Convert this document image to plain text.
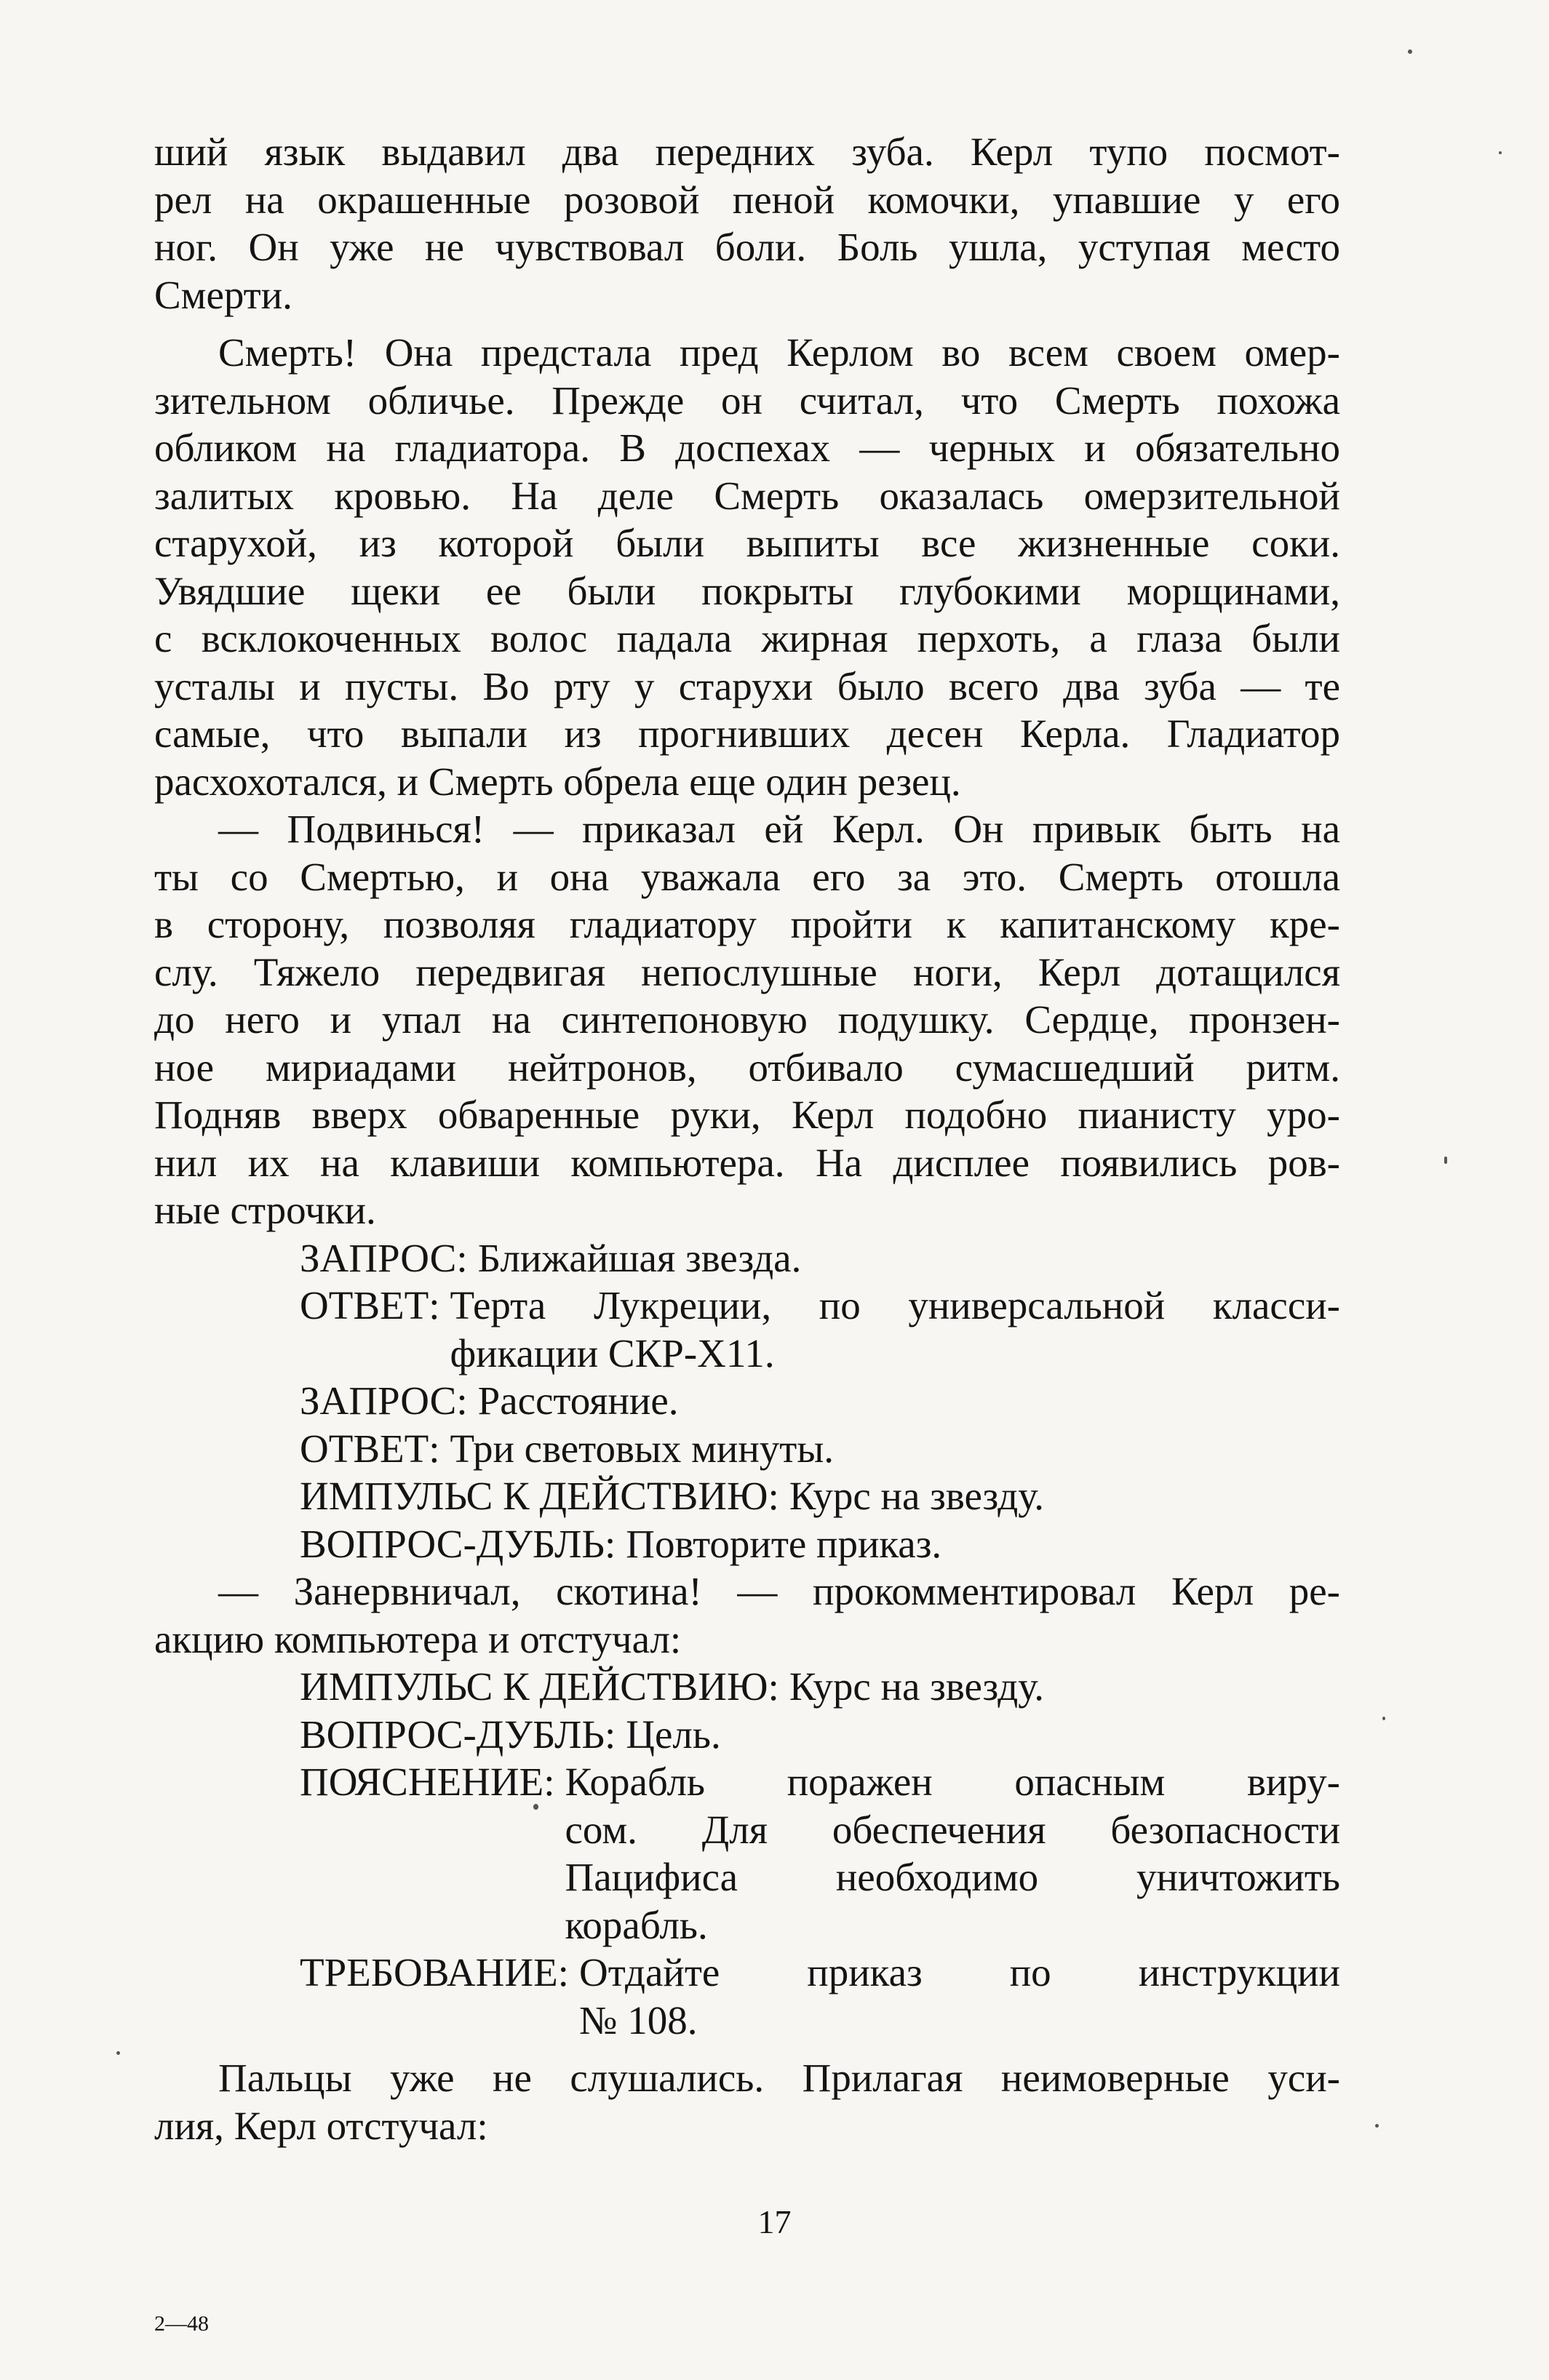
ший язык выдавил два передних зуба. Керл тупо посмот-
рел на окрашенные розовой пеной комочки, упавшие у его
ног. Он уже не чувствовал боли. Боль ушла, уступая место
Смерти.
Смерть! Она предстала пред Керлом во всем своем омер-
зительном обличье. Прежде он считал, что Смерть похожа
обликом на гладиатора. В доспехах — черных и обязательно
залитых кровью. На деле Смерть оказалась омерзительной
старухой, из которой были выпиты все жизненные соки.
Увядшие щеки ее были покрыты глубокими морщинами,
с всклокоченных волос падала жирная перхоть, а глаза были
усталы и пусты. Во рту у старухи было всего два зуба — те
самые, что выпали из прогнивших десен Керла. Гладиатор
расхохотался, и Смерть обрела еще один резец.
— Подвинься! — приказал ей Керл. Он привык быть на
ты со Смертью, и она уважала его за это. Смерть отошла
в сторону, позволяя гладиатору пройти к капитанскому кре-
слу. Тяжело передвигая непослушные ноги, Керл дотащился
до него и упал на синтепоновую подушку. Сердце, пронзен-
ное мириадами нейтронов, отбивало сумасшедший ритм.
Подняв вверх обваренные руки, Керл подобно пианисту уро-
нил их на клавиши компьютера. На дисплее появились ров-
ные строчки.
ЗАПРОС: Ближайшая звезда.
ОТВЕТ: Терта Лукреции, по универсальной класси-
фикации СКР-Х11.
ЗАПРОС: Расстояние.
ОТВЕТ: Три световых минуты.
ИМПУЛЬС К ДЕЙСТВИЮ: Курс на звезду.
ВОПРОС-ДУБЛЬ: Повторите приказ.
— Занервничал, скотина! — прокомментировал Керл ре-
акцию компьютера и отстучал:
ИМПУЛЬС К ДЕЙСТВИЮ: Курс на звезду.
ВОПРОС-ДУБЛЬ: Цель.
ПОЯСНЕНИЕ: Корабль поражен опасным виру-
сом. Для обеспечения безопасности
Пацифиса необходимо уничтожить
корабль.
ТРЕБОВАНИЕ: Отдайте приказ по инструкции
№ 108.
Пальцы уже не слушались. Прилагая неимоверные уси-
лия, Керл отстучал:
17
2—48
